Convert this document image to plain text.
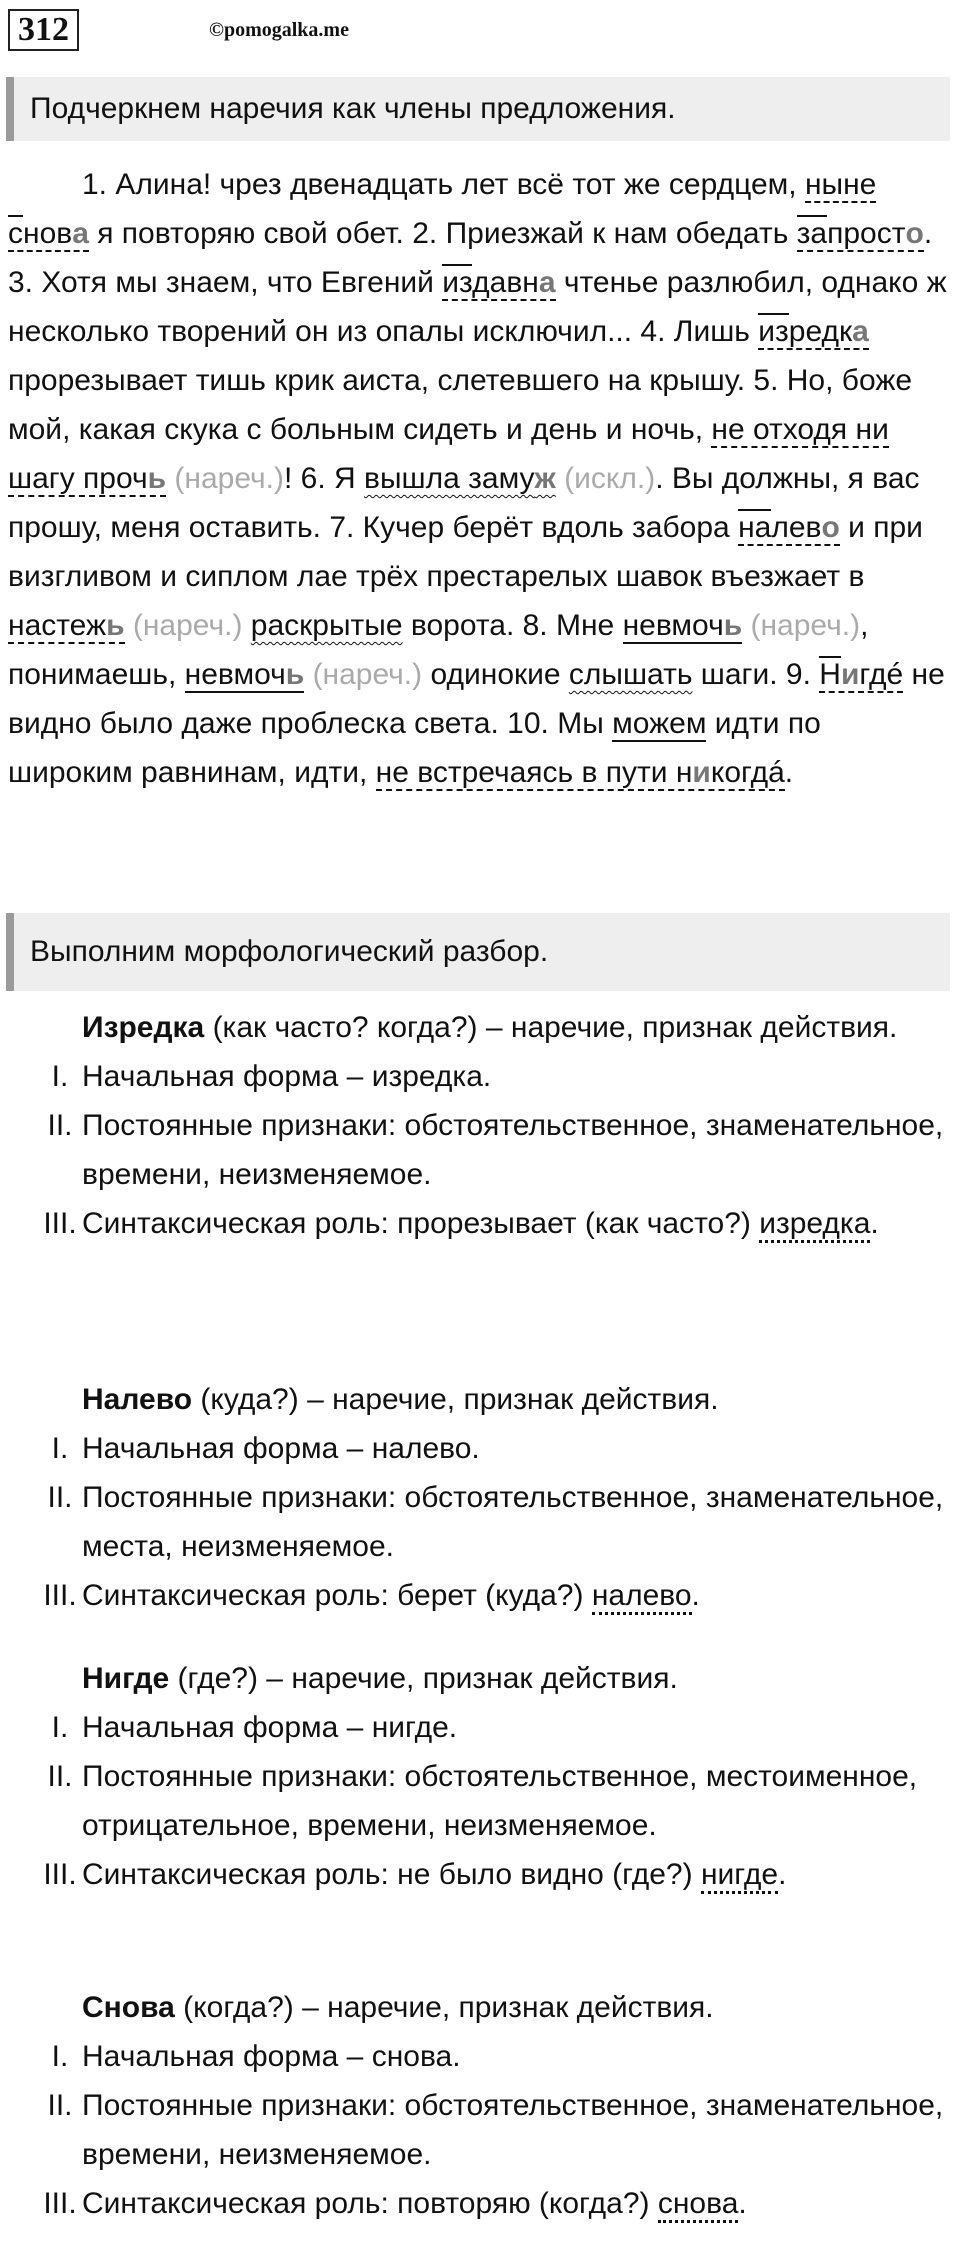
312	©pomogalka.me
Подчеркнем наречия как члены предложения.

1. Алина! чрез двенадцать лет всё тот же сердцем, ныне снова я повторяю свой обет. 2. Приезжай к нам обедать запросто. 3. Хотя мы знаем, что Евгений издавна чтенье разлюбил, однако ж несколько творений он из опалы исключил... 4. Лишь изредка прорезывает тишь крик аиста, слетевшего на крышу. 5. Но, боже мой, какая скука с больным сидеть и день и ночь, не отходя ни шагу прочь (нареч.)! 6. Я вышла замуж (искл.). Вы должны, я вас прошу, меня оставить. 7. Кучер берёт вдоль забора налево и при визгливом и сиплом лае трёх престарелых шавок въезжает в настежь (нареч.) раскрытые ворота. 8. Мне невмочь (нареч.), понимаешь, невмочь (нареч.) одинокие слышать шаги. 9. Нигдé не видно было даже проблеска света. 10. Мы можем идти по широким равнинам, идти, не встречаясь в пути никогдá.

Выполним морфологический разбор.

Изредка (как часто? когда?) – наречие, признак действия.

I. Начальная форма – изредка.
II. Постоянные признаки: обстоятельственное, знаменательное, времени, неизменяемое.
III. Синтаксическая роль: прорезывает (как часто?) изредка.

Налево (куда?) – наречие, признак действия.

I. Начальная форма – налево.
II. Постоянные признаки: обстоятельственное, знаменательное, места, неизменяемое.
III. Синтаксическая роль: берет (куда?) налево.

Нигде (где?) – наречие, признак действия.

I. Начальная форма – нигде.
II. Постоянные признаки: обстоятельственное, местоименное, отрицательное, времени, неизменяемое.
III. Синтаксическая роль: не было видно (где?) нигде.

Снова (когда?) – наречие, признак действия.

I. Начальная форма – снова.
II. Постоянные признаки: обстоятельственное, знаменательное, времени, неизменяемое.
III. Синтаксическая роль: повторяю (когда?) снова.
